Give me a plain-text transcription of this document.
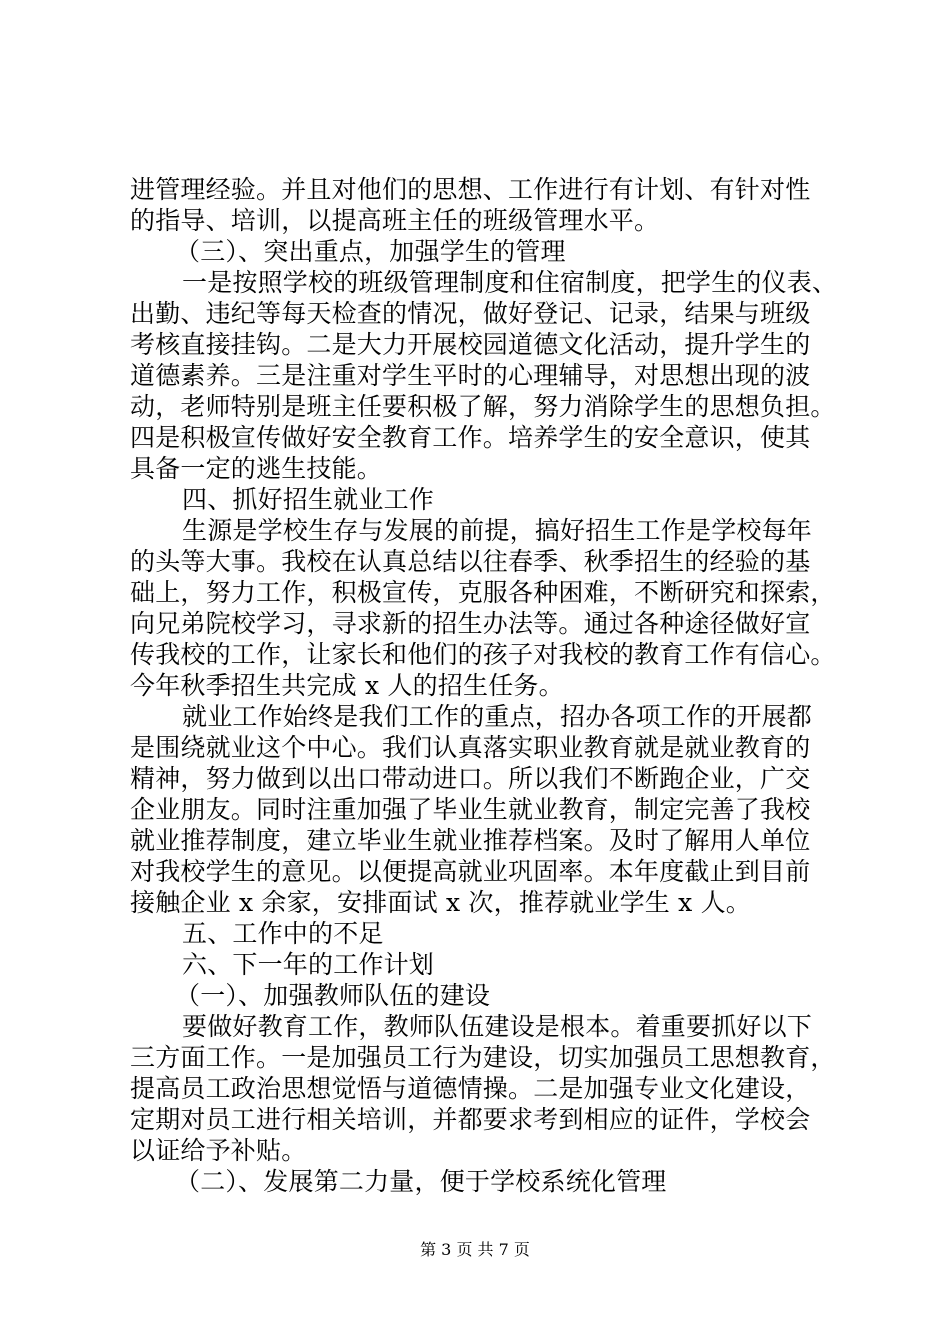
进管理经验。并且对他们的思想、工作进行有计划、有针对性
的指导、培训，以提高班主任的班级管理水平。
（三）、突出重点，加强学生的管理
一是按照学校的班级管理制度和住宿制度，把学生的仪表、
出勤、违纪等每天检查的情况，做好登记、记录，结果与班级
考核直接挂钩。二是大力开展校园道德文化活动，提升学生的
道德素养。三是注重对学生平时的心理辅导，对思想出现的波
动，老师特别是班主任要积极了解，努力消除学生的思想负担。
四是积极宣传做好安全教育工作。培养学生的安全意识，使其
具备一定的逃生技能。
四、抓好招生就业工作
生源是学校生存与发展的前提，搞好招生工作是学校每年
的头等大事。我校在认真总结以往春季、秋季招生的经验的基
础上，努力工作，积极宣传，克服各种困难，不断研究和探索，
向兄弟院校学习，寻求新的招生办法等。通过各种途径做好宣
传我校的工作，让家长和他们的孩子对我校的教育工作有信心。
今年秋季招生共完成 x 人的招生任务。
就业工作始终是我们工作的重点，招办各项工作的开展都
是围绕就业这个中心。我们认真落实职业教育就是就业教育的
精神，努力做到以出口带动进口。所以我们不断跑企业，广交
企业朋友。同时注重加强了毕业生就业教育，制定完善了我校
就业推荐制度，建立毕业生就业推荐档案。及时了解用人单位
对我校学生的意见。以便提高就业巩固率。本年度截止到目前
接触企业 x 余家，安排面试 x 次，推荐就业学生 x 人。
五、工作中的不足
六、下一年的工作计划
（一）、加强教师队伍的建设
要做好教育工作，教师队伍建设是根本。着重要抓好以下
三方面工作。一是加强员工行为建设，切实加强员工思想教育，
提高员工政治思想觉悟与道德情操。二是加强专业文化建设，
定期对员工进行相关培训，并都要求考到相应的证件，学校会
以证给予补贴。
（二）、发展第二力量，便于学校系统化管理
第 3 页 共 7 页
